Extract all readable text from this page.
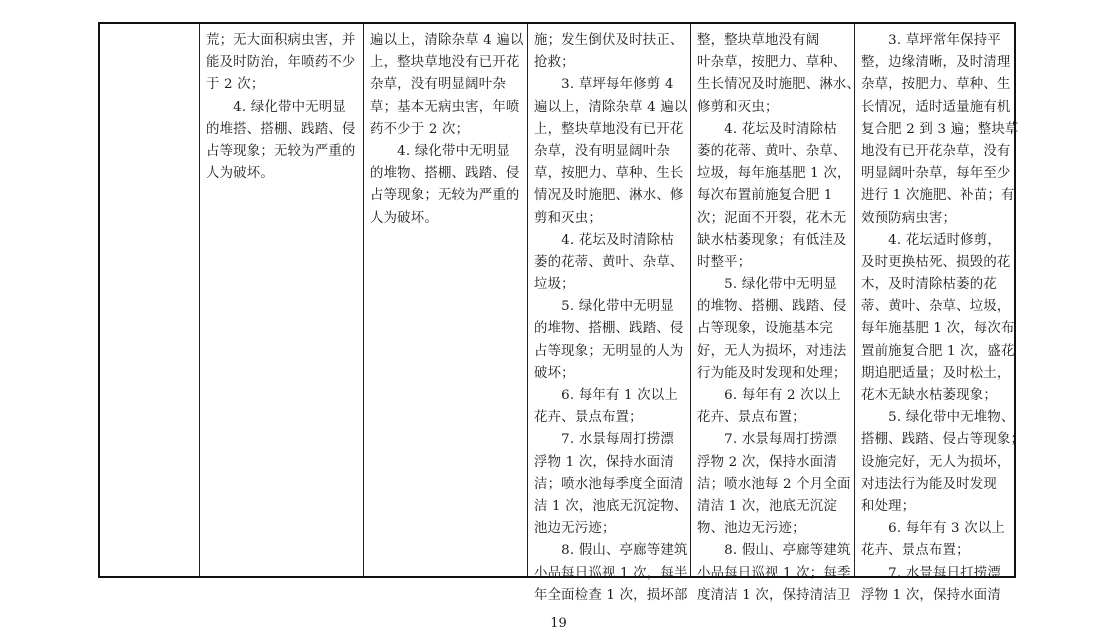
荒；无大面积病虫害，并
能及时防治，年喷药不少
于 2 次；
　　4. 绿化带中无明显
的堆搭、搭棚、践踏、侵
占等现象；无较为严重的
人为破坏。
遍以上，清除杂草 4 遍以
上，整块草地没有已开花
杂草，没有明显阔叶杂
草；基本无病虫害，年喷
药不少于 2 次；
　　4. 绿化带中无明显
的堆物、搭棚、践踏、侵
占等现象；无较为严重的
人为破坏。
施；发生倒伏及时扶正、
抢救；
　　3. 草坪每年修剪 4
遍以上，清除杂草 4 遍以
上，整块草地没有已开花
杂草，没有明显阔叶杂
草，按肥力、草种、生长
情况及时施肥、淋水、修
剪和灭虫；
　　4. 花坛及时清除枯
萎的花蒂、黄叶、杂草、
垃圾；
　　5. 绿化带中无明显
的堆物、搭棚、践踏、侵
占等现象；无明显的人为
破坏；
　　6. 每年有 1 次以上
花卉、景点布置；
　　7. 水景每周打捞漂
浮物 1 次，保持水面清
洁；喷水池每季度全面清
洁 1 次，池底无沉淀物、
池边无污迹；
　　8. 假山、亭廊等建筑
小品每日巡视 1 次，每半
年全面检查 1 次，损坏部
整，整块草地没有阔
叶杂草，按肥力、草种、
生长情况及时施肥、淋水、
修剪和灭虫；
　　4. 花坛及时清除枯
萎的花蒂、黄叶、杂草、
垃圾，每年施基肥 1 次，
每次布置前施复合肥 1
次；泥面不开裂，花木无
缺水枯萎现象；有低洼及
时整平；
　　5. 绿化带中无明显
的堆物、搭棚、践踏、侵
占等现象，设施基本完
好，无人为损坏，对违法
行为能及时发现和处理；
　　6. 每年有 2 次以上
花卉、景点布置；
　　7. 水景每周打捞漂
浮物 2 次，保持水面清
洁；喷水池每 2 个月全面
清洁 1 次，池底无沉淀
物、池边无污迹；
　　8. 假山、亭廊等建筑
小品每日巡视 1 次；每季
度清洁 1 次，保持清洁卫
　　3. 草坪常年保持平
整，边缘清晰，及时清理
杂草，按肥力、草种、生
长情况，适时适量施有机
复合肥 2 到 3 遍；整块草
地没有已开花杂草，没有
明显阔叶杂草，每年至少
进行 1 次施肥、补苗；有
效预防病虫害；
　　4. 花坛适时修剪，
及时更换枯死、损毁的花
木，及时清除枯萎的花
蒂、黄叶、杂草、垃圾，
每年施基肥 1 次，每次布
置前施复合肥 1 次，盛花
期追肥适量；及时松土，
花木无缺水枯萎现象；
　　5. 绿化带中无堆物、
搭棚、践踏、侵占等现象；
设施完好，无人为损坏，
对违法行为能及时发现
和处理；
　　6. 每年有 3 次以上
花卉、景点布置；
　　7. 水景每日打捞漂
浮物 1 次，保持水面清
19
